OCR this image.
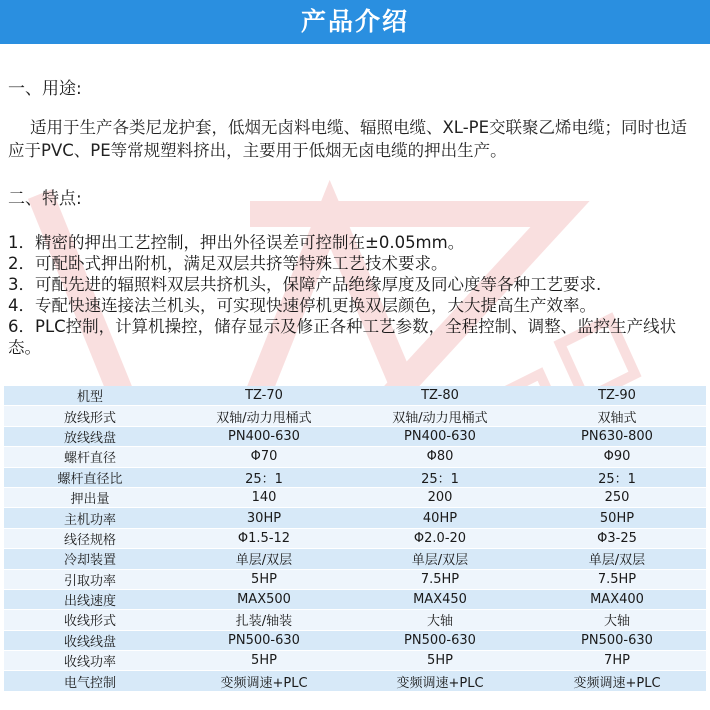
产品介绍
一、用途:
适用于生产各类尼龙护套，低烟无卤料电缆、辐照电缆、XL-PE交联聚乙烯电缆；同时也适应于PVC、PE等常规塑料挤出，主要用于低烟无卤电缆的押出生产。
二、特点:
1．精密的押出工艺控制，押出外径误差可控制在±0.05mm。
2．可配卧式押出附机，满足双层共挤等特殊工艺技术要求。
3．可配先进的辐照料双层共挤机头，保障产品绝缘厚度及同心度等各种工艺要求.
4．专配快速连接法兰机头，可实现快速停机更换双层颜色，大大提高生产效率。
6．PLC控制，计算机操控，储存显示及修正各种工艺参数，全程控制、调整、监控生产线状态。
机型	TZ-70	TZ-80	TZ-90
放线形式	双轴/动力甩桶式	双轴/动力甩桶式	双轴式
放线线盘	PN400-630	PN400-630	PN630-800
螺杆直径	Φ70	Φ80	Φ90
螺杆直径比	25：1	25：1	25：1
押出量	140	200	250
主机功率	30HP	40HP	50HP
线径规格	Φ1.5-12	Φ2.0-20	Φ3-25
冷却装置	单层/双层	单层/双层	单层/双层
引取功率	5HP	7.5HP	7.5HP
出线速度	MAX500	MAX450	MAX400
收线形式	扎装/轴装	大轴	大轴
收线线盘	PN500-630	PN500-630	PN500-630
收线功率	5HP	5HP	7HP
电气控制	变频调速+PLC	变频调速+PLC	变频调速+PLC
